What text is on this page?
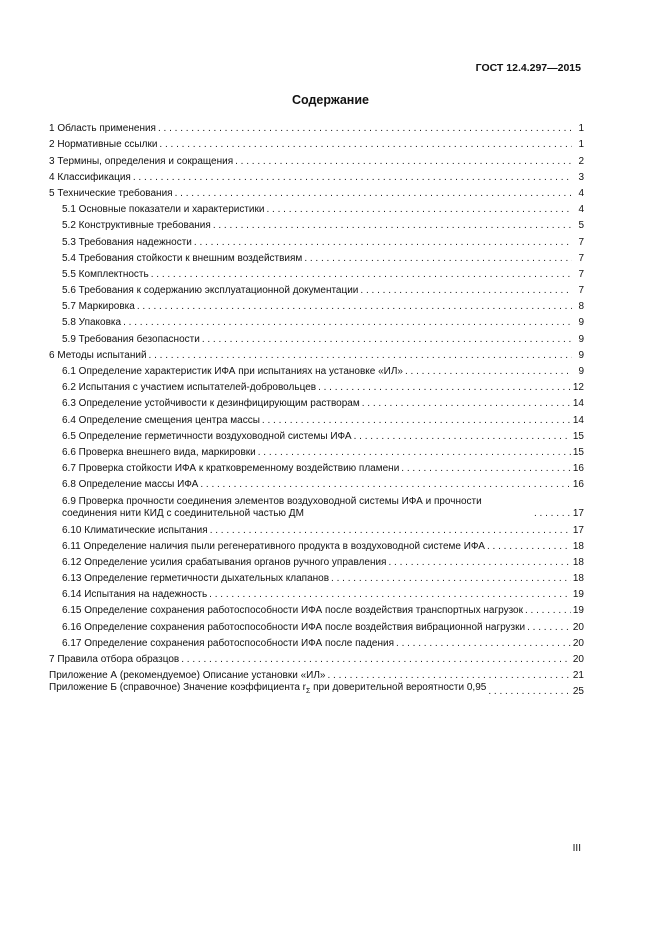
ГОСТ 12.4.297—2015
Содержание
1 Область применения . . .	1
2 Нормативные ссылки . . .	1
3 Термины, определения и сокращения . . .	2
4 Классификация . . .	3
5 Технические требования . . .	4
5.1 Основные показатели и характеристики . . .	4
5.2 Конструктивные требования . . .	5
5.3 Требования надежности . . .	7
5.4 Требования стойкости к внешним воздействиям . . .	7
5.5 Комплектность . . .	7
5.6 Требования к содержанию эксплуатационной документации . . .	7
5.7 Маркировка . . .	8
5.8 Упаковка . . .	9
5.9 Требования безопасности . . .	9
6 Методы испытаний . . .	9
6.1 Определение характеристик ИФА при испытаниях на установке «ИЛ» . . .	9
6.2 Испытания с участием испытателей-добровольцев . . .	12
6.3 Определение устойчивости к дезинфицирующим растворам . . .	14
6.4 Определение смещения центра массы . . .	14
6.5 Определение герметичности воздуховодной системы ИФА . . .	15
6.6 Проверка внешнего вида, маркировки . . .	15
6.7 Проверка стойкости ИФА к кратковременному воздействию пламени . . .	16
6.8 Определение массы ИФА . . .	16
6.9 Проверка прочности соединения элементов воздуховодной системы ИФА и прочности соединения нити КИД с соединительной частью ДМ . . .	17
6.10 Климатические испытания . . .	17
6.11 Определение наличия пыли регенеративного продукта в воздуховодной системе ИФА . . .	18
6.12 Определение усилия срабатывания органов ручного управления . . .	18
6.13 Определение герметичности дыхательных клапанов . . .	18
6.14 Испытания на надежность . . .	19
6.15 Определение сохранения работоспособности ИФА после воздействия транспортных нагрузок . . .	19
6.16 Определение сохранения работоспособности ИФА после воздействия вибрационной нагрузки . . .	20
6.17 Определение сохранения работоспособности ИФА после падения . . .	20
7 Правила отбора образцов . . .	20
Приложение А (рекомендуемое) Описание установки «ИЛ» . . .	21
Приложение Б (справочное) Значение коэффициента $r_\Sigma$ при доверительной вероятности 0,95 . . .	25
III
